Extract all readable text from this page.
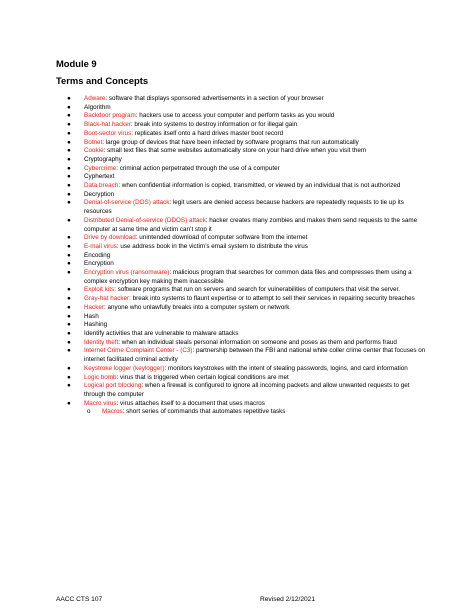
Module 9
Terms and Concepts
● Adware: software that displays sponsored advertisements in a section of your browser
● Algorithm
● Backdoor program: hackers use to access your computer and perform tasks as you would
● Black-hat hacker: break into systems to destroy information or for illegal gain
● Boot-sector virus: replicates itself onto a hard drives master boot record
● Botnet: large group of devices that have been infected by software programs that run automatically
● Cookie: small text files that some websites automatically store on your hard drive when you visit them
● Cryptography
● Cybercrime: criminal action perpetrated through the use of a computer
● Cyphertext
● Data breach: when confidential information is copied, transmitted, or viewed by an individual that is not authorized
● Decryption
● Denial-of-service (DOS) attack: legit users are denied access because hackers are repeatedly requests to tie up its resources
● Distributed Denial-of-service (DDOS) attack: hacker creates many zombies and makes them send requests to the same computer at same time and victim can’t stop it
● Drive by download: unintended download of computer software from the internet
● E-mail virus: use address book in the victim’s email system to distribute the virus
● Encoding
● Encryption
● Encryption virus (ransomware): malicious program that searches for common data files and compresses them using a complex encryption key making them inaccessible
● Exploit kits: software programs that run on servers and search for vulnerabilities of computers that visit the server.
● Gray-hat hacker: break into systems to flaunt expertise or to attempt to sell their services in repairing security breaches
● Hacker: anyone who unlawfully breaks into a computer system or network
● Hash
● Hashing
● Identify activities that are vulnerable to malware attacks
● Identity theft: when an individual steals personal information on someone and poses as them and performs fraud
● Internet Crime Complaint Center - (C3): partnership between the FBI and national white coller crime center that focuses on internet facilitated criminal activity
● Keystroke logger (keylogger): monitors keystrokes with the intent of stealing passwords, logins, and card information
● Logic bomb: virus that is triggered when certain logical conditions are met
● Logical port blocking: when a firewall is configured to ignore all incoming packets and allow unwanted requests to get through the computer
● Macro virus: virus attaches itself to a document that uses macros
o Macros: short series of commands that automates repetitive tasks
AACC CTS 107	Revised 2/12/2021
